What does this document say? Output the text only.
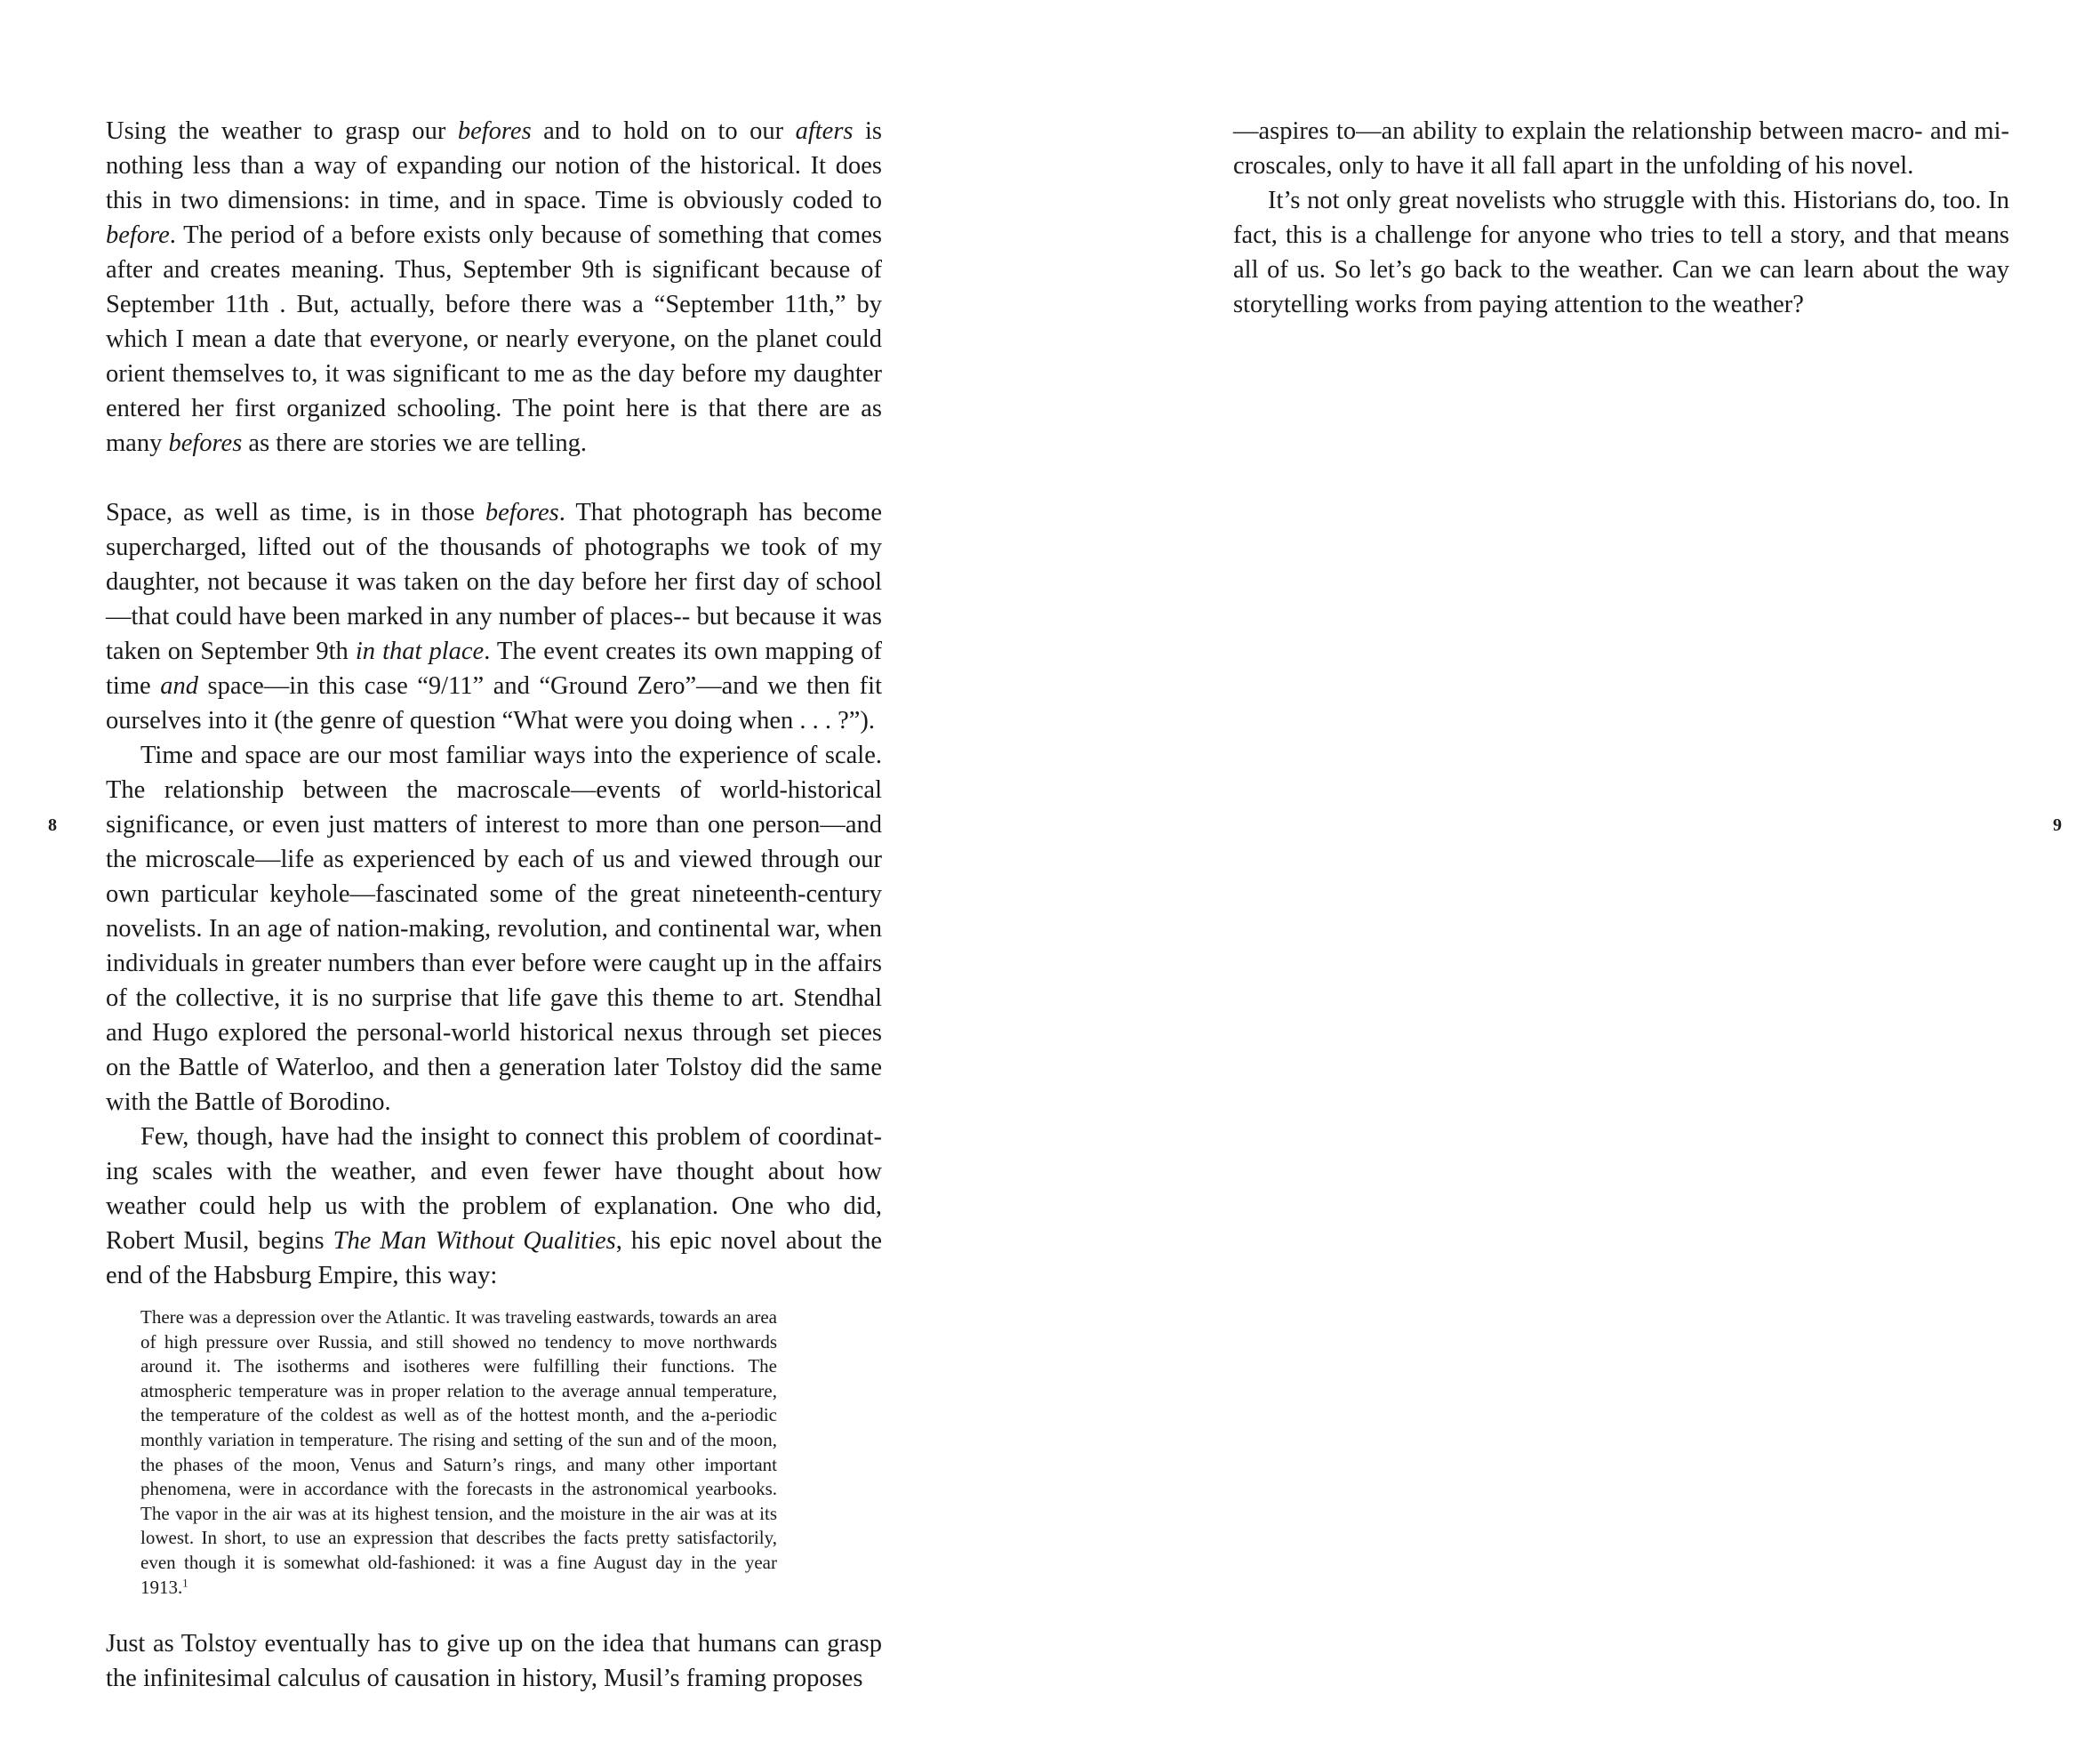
Using the weather to grasp our befores and to hold on to our afters is nothing less than a way of expanding our notion of the historical. It does this in two dimensions: in time, and in space. Time is obviously coded to before. The period of a before exists only because of something that comes after and creates meaning. Thus, September 9th is significant because of September 11th . But, actually, before there was a “September 11th,” by which I mean a date that everyone, or nearly everyone, on the planet could orient themselves to, it was significant to me as the day before my daughter entered her first organized schooling. The point here is that there are as many befores as there are stories we are telling.

Space, as well as time, is in those befores. That photograph has become supercharged, lifted out of the thousands of photographs we took of my daughter, not because it was taken on the day before her first day of school—that could have been marked in any number of places-- but because it was taken on September 9th in that place. The event creates its own mapping of time and space—in this case “9/11” and “Ground Zero”—and we then fit ourselves into it (the genre of question “What were you doing when . . . ?”).

Time and space are our most familiar ways into the experience of scale. The relationship between the macroscale—events of world-historical significance, or even just matters of interest to more than one person—and the microscale—life as experienced by each of us and viewed through our own particular keyhole—fascinated some of the great nineteenth-century novelists. In an age of nation-making, revolution, and continental war, when individuals in greater numbers than ever before were caught up in the affairs of the collective, it is no surprise that life gave this theme to art. Stendhal and Hugo explored the personal-world historical nexus through set pieces on the Battle of Waterloo, and then a generation later Tolstoy did the same with the Battle of Borodino.

Few, though, have had the insight to connect this problem of coordinating scales with the weather, and even fewer have thought about how weather could help us with the problem of explanation. One who did, Robert Musil, begins The Man Without Qualities, his epic novel about the end of the Habsburg Empire, this way:

There was a depression over the Atlantic. It was traveling eastwards, towards an area of high pressure over Russia, and still showed no tendency to move northwards around it. The isotherms and isotheres were fulfilling their functions. The atmospheric temperature was in proper relation to the average annual temperature, the temperature of the coldest as well as of the hottest month, and the a-periodic monthly variation in temperature. The rising and setting of the sun and of the moon, the phases of the moon, Venus and Saturn’s rings, and many other important phenomena, were in accordance with the forecasts in the astronomical yearbooks. The vapor in the air was at its highest tension, and the moisture in the air was at its lowest. In short, to use an expression that describes the facts pretty satisfactorily, even though it is somewhat old-fashioned: it was a fine August day in the year 1913.$^1$

Just as Tolstoy eventually has to give up on the idea that humans can grasp the infinitesimal calculus of causation in history, Musil’s framing proposes

8

—aspires to—an ability to explain the relationship between macro- and microscales, only to have it all fall apart in the unfolding of his novel.

It’s not only great novelists who struggle with this. Historians do, too. In fact, this is a challenge for anyone who tries to tell a story, and that means all of us. So let’s go back to the weather. Can we can learn about the way storytelling works from paying attention to the weather?

9
